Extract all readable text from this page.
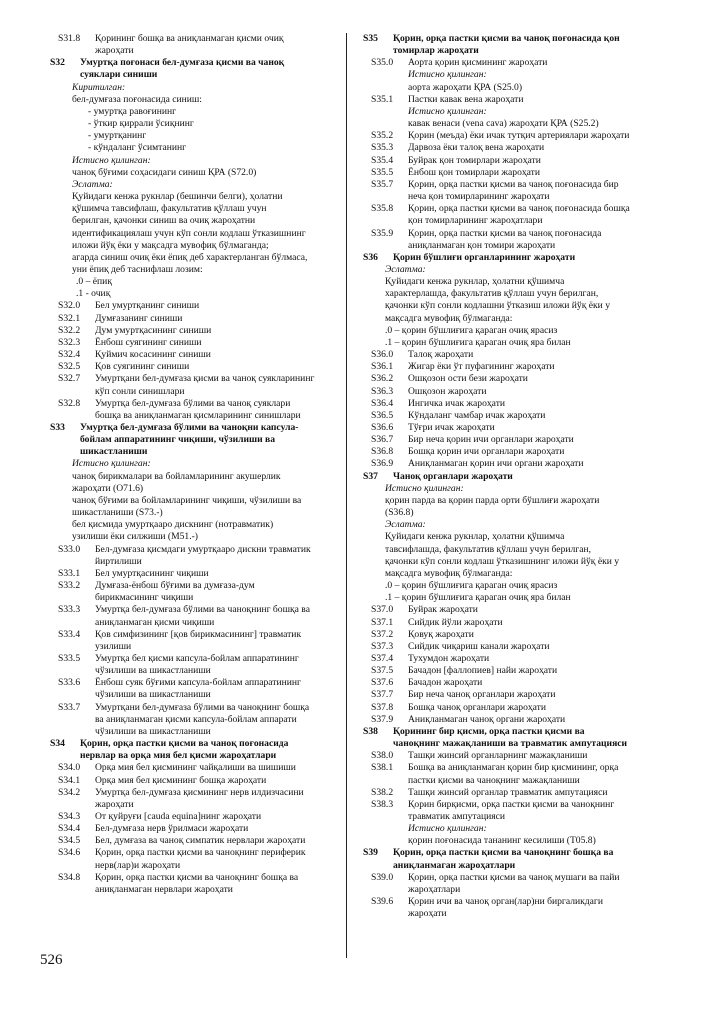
S31.8 Қорининг бошқа ва аниқланмаган қисми очиқ
жароҳати
S32 Умуртқа поғонаси бел-думғаза қисми ва чаноқ
суяклари синиши
Киритилган:
бел-думғаза поғонасида синиш:
- умуртқа равоғининг
- ўткир қиррали ўсиқнинг
- умуртқанинг
- кўндаланг ўсимтанинг
Истисно қилинган:
чаноқ бўғими соҳасидаги синиш ҚРА (S72.0)
Эслатма:
Қуйидаги кенжа рукнлар (бешинчи белги), ҳолатни
қўшимча тавсифлаш, факультатив қўллаш учун
берилган, қачонки синиш ва очиқ жароҳатни
идентификациялаш учун кўп сонли кодлаш ўтказишнинг
иложи йўқ ёки у мақсадга мувофиқ бўлмаганда;
агарда синиш очиқ ёки ёпиқ деб характерланган бўлмаса,
уни ёпиқ деб таснифлаш лозим:
.0 – ёпиқ
.1 - очиқ
S32.0 Бел умуртқанинг синиши
S32.1 Думғазанинг синиши
S32.2 Дум умуртқасининг синиши
S32.3 Ёнбош суягининг синиши
S32.4 Қуймич косасининг синиши
S32.5 Қов суягининг синиши
S32.7 Умуртқани бел-думғаза қисми ва чаноқ суякларининг
кўп сонли синишлари
S32.8 Умуртқа бел-думғаза бўлими ва чаноқ суяклари
бошқа ва аниқланмаган қисмларининг синишлари
S33 Умуртқа бел-думғаза бўлими ва чаноқни капсула-
бойлам аппаратининг чиқиши, чўзилиши ва
шикастланиши
Истисно қилинган:
чаноқ бирикмалари ва бойламларининг акушерлик
жароҳати (O71.6)
чаноқ бўғими ва бойламларининг чиқиши, чўзилиши ва
шикастланиши (S73.-)
бел қисмида умуртқааро дискнинг (нотравматик)
узилиши ёки силжиши (M51.-)
S33.0 Бел-думғаза қисмдаги умуртқааро дискни травматик
йиртилиши
S33.1 Бел умуртқасининг чиқиши
S33.2 Думғаза-ёнбош бўғими ва думғаза-дум
бирикмасининг чиқиши
S33.3 Умуртқа бел-думғаза бўлими ва чаноқнинг бошқа ва
аниқланмаган қисми чиқиши
S33.4 Қов симфизининг [қов бирикмасининг] травматик
узилиши
S33.5 Умуртқа бел қисми капсула-бойлам аппаратининг
чўзилиши ва шикастланиши
S33.6 Ёнбош суяк бўғими капсула-бойлам аппаратининг
чўзилиши ва шикастланиши
S33.7 Умуртқани бел-думғаза бўлими ва чаноқнинг бошқа
ва аниқланмаган қисми капсула-бойлам аппарати
чўзилиши ва шикастланиши
S34 Қорин, орқа пастки қисми ва чаноқ поғонасида
нервлар ва орқа мия бел қисми жароҳатлари
S34.0 Орқа мия бел қисмининг чайқалиши ва шишиши
S34.1 Орқа мия бел қисмининг бошқа жароҳати
S34.2 Умуртқа бел-думғаза қисмининг нерв илдизчасини
жароҳати
S34.3 От қуйруғи [cauda equina]нинг жароҳати
S34.4 Бел-думғаза нерв ўрилмаси жароҳати
S34.5 Бел, думғаза ва чаноқ симпатик нервлари жароҳати
S34.6 Қорин, орқа пастки қисми ва чаноқнинг периферик
нерв(лар)и жароҳати
S34.8 Қорин, орқа пастки қисми ва чаноқнинг бошқа ва
аниқланмаган нервлари жароҳати
S35 Қорин, орқа пастки қисми ва чаноқ поғонасида қон
томирлар жароҳати
S35.0 Аорта қорин қисмининг жароҳати
Истисно қилинган:
аорта жароҳати ҚРА (S25.0)
S35.1 Пастки кавак вена жароҳати
Истисно қилинган:
кавак венаси (vena cava) жароҳати ҚРА (S25.2)
S35.2 Қорин (меъда) ёки ичак тутқич артериялари жароҳати
S35.3 Дарвоза ёки талоқ вена жароҳати
S35.4 Буйрак қон томирлари жароҳати
S35.5 Ёнбош қон томирлари жароҳати
S35.7 Қорин, орқа пастки қисми ва чаноқ поғонасида бир
неча қон томирларининг жароҳати
S35.8 Қорин, орқа пастки қисми ва чаноқ поғонасида бошқа
қон томирларининг жароҳатлари
S35.9 Қорин, орқа пастки қисми ва чаноқ поғонасида
аниқланмаган қон томири жароҳати
S36 Қорин бўшлиғи органларининг жароҳати
Эслатма:
Қуйидаги кенжа рукнлар, ҳолатни қўшимча
характерлашда, факультатив қўллаш учун берилган,
қачонки кўп сонли кодлашни ўтказиш иложи йўқ ёки у
мақсадга мувофиқ бўлмаганда:
.0 – қорин бўшлиғига қараган очиқ ярасиз
.1 – қорин бўшлиғига қараган очиқ яра билан
S36.0 Талоқ жароҳати
S36.1 Жигар ёки ўт пуфагининг жароҳати
S36.2 Ошқозон ости бези жароҳати
S36.3 Ошқозон жароҳати
S36.4 Ингичка ичак жароҳати
S36.5 Кўндаланг чамбар ичак жароҳати
S36.6 Тўғри ичак жароҳати
S36.7 Бир неча қорин ичи органлари жароҳати
S36.8 Бошқа қорин ичи органлари жароҳати
S36.9 Аниқланмаган қорин ичи органи жароҳати
S37 Чаноқ органлари жароҳати
Истисно қилинган:
қорин парда ва қорин парда орти бўшлиғи жароҳати
(S36.8)
Эслатма:
Қуйидаги кенжа рукнлар, ҳолатни қўшимча
тавсифлашда, факультатив қўллаш учун берилган,
қачонки кўп сонли кодлаш ўтказишнинг иложи йўқ ёки у
мақсадга мувофиқ бўлмаганда:
.0 – қорин бўшлиғига қараган очиқ ярасиз
.1 – қорин бўшлиғига қараган очиқ яра билан
S37.0 Буйрак жароҳати
S37.1 Сийдик йўли жароҳати
S37.2 Қовуқ жароҳати
S37.3 Сийдик чиқариш канали жароҳати
S37.4 Тухумдон жароҳати
S37.5 Бачадон [фаллопиев] найи жароҳати
S37.6 Бачадон жароҳати
S37.7 Бир неча чаноқ органлари жароҳати
S37.8 Бошқа чаноқ органлари жароҳати
S37.9 Аниқланмаган чаноқ органи жароҳати
S38 Қорининг бир қисми, орқа пастки қисми ва
чаноқнинг мажақланиши ва травматик ампутацияси
S38.0 Ташқи жинсий органларнинг мажақланиши
S38.1 Бошқа ва аниқланмаган қорин бир қисмининг, орқа
пастки қисми ва чаноқнинг мажақланиши
S38.2 Ташқи жинсий органлар травматик ампутацияси
S38.3 Қорин бирқисми, орқа пастки қисми ва чаноқнинг
травматик ампутацияси
Истисно қилинган:
қорин поғонасида тананинг кесилиши (T05.8)
S39 Қорин, орқа пастки қисми ва чаноқнинг бошқа ва
аниқланмаган жароҳатлари
S39.0 Қорин, орқа пастки қисми ва чаноқ мушаги ва пайи
жароҳатлари
S39.6 Қорин ичи ва чаноқ орган(лар)ни биргаликдаги
жароҳати
526
